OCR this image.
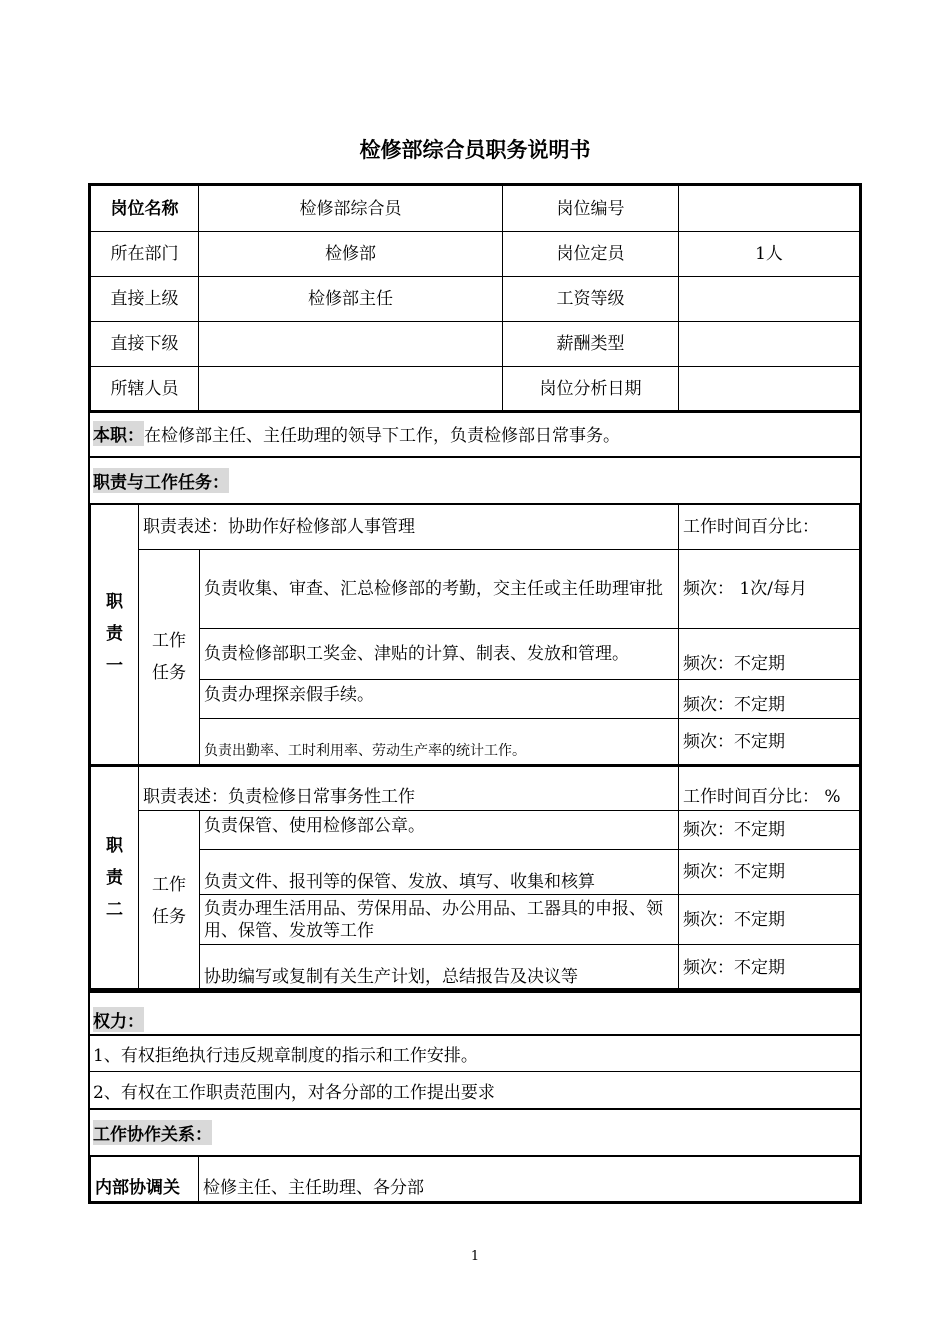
检修部综合员职务说明书
岗位名称	检修部综合员	岗位编号	
所在部门	检修部	岗位定员	1人
直接上级	检修部主任	工资等级	
直接下级		薪酬类型	
所辖人员		岗位分析日期	
本职： 在检修部主任、主任助理的领导下工作，负责检修部日常事务。
职责与工作任务：
职
责
一	职责表述：协助作好检修部人事管理		工作时间百分比：

	工作
任务	负责收集、审查、汇总检修部的考勤，交主任或主任助理审批	频次： 1次/每月
		负责检修部职工奖金、津贴的计算、制表、发放和管理。	频次：不定期
		负责办理探亲假手续。	频次：不定期
		负责出勤率、工时利用率、劳动生产率的统计工作。	频次：不定期
职
责
二	职责表述：负责检修日常事务性工作		工作时间百分比： %

	工作
任务	负责保管、使用检修部公章。	频次：不定期
		负责文件、报刊等的保管、发放、填写、收集和核算	频次：不定期
		负责办理生活用品、劳保用品、办公用品、工器具的申报、领用、保管、发放等工作	频次：不定期
		协助编写或复制有关生产计划，总结报告及决议等	频次：不定期
权力：
1、有权拒绝执行违反规章制度的指示和工作安排。
2、有权在工作职责范围内，对各分部的工作提出要求
工作协作关系：
内部协调关	检修主任、主任助理、各分部
1
